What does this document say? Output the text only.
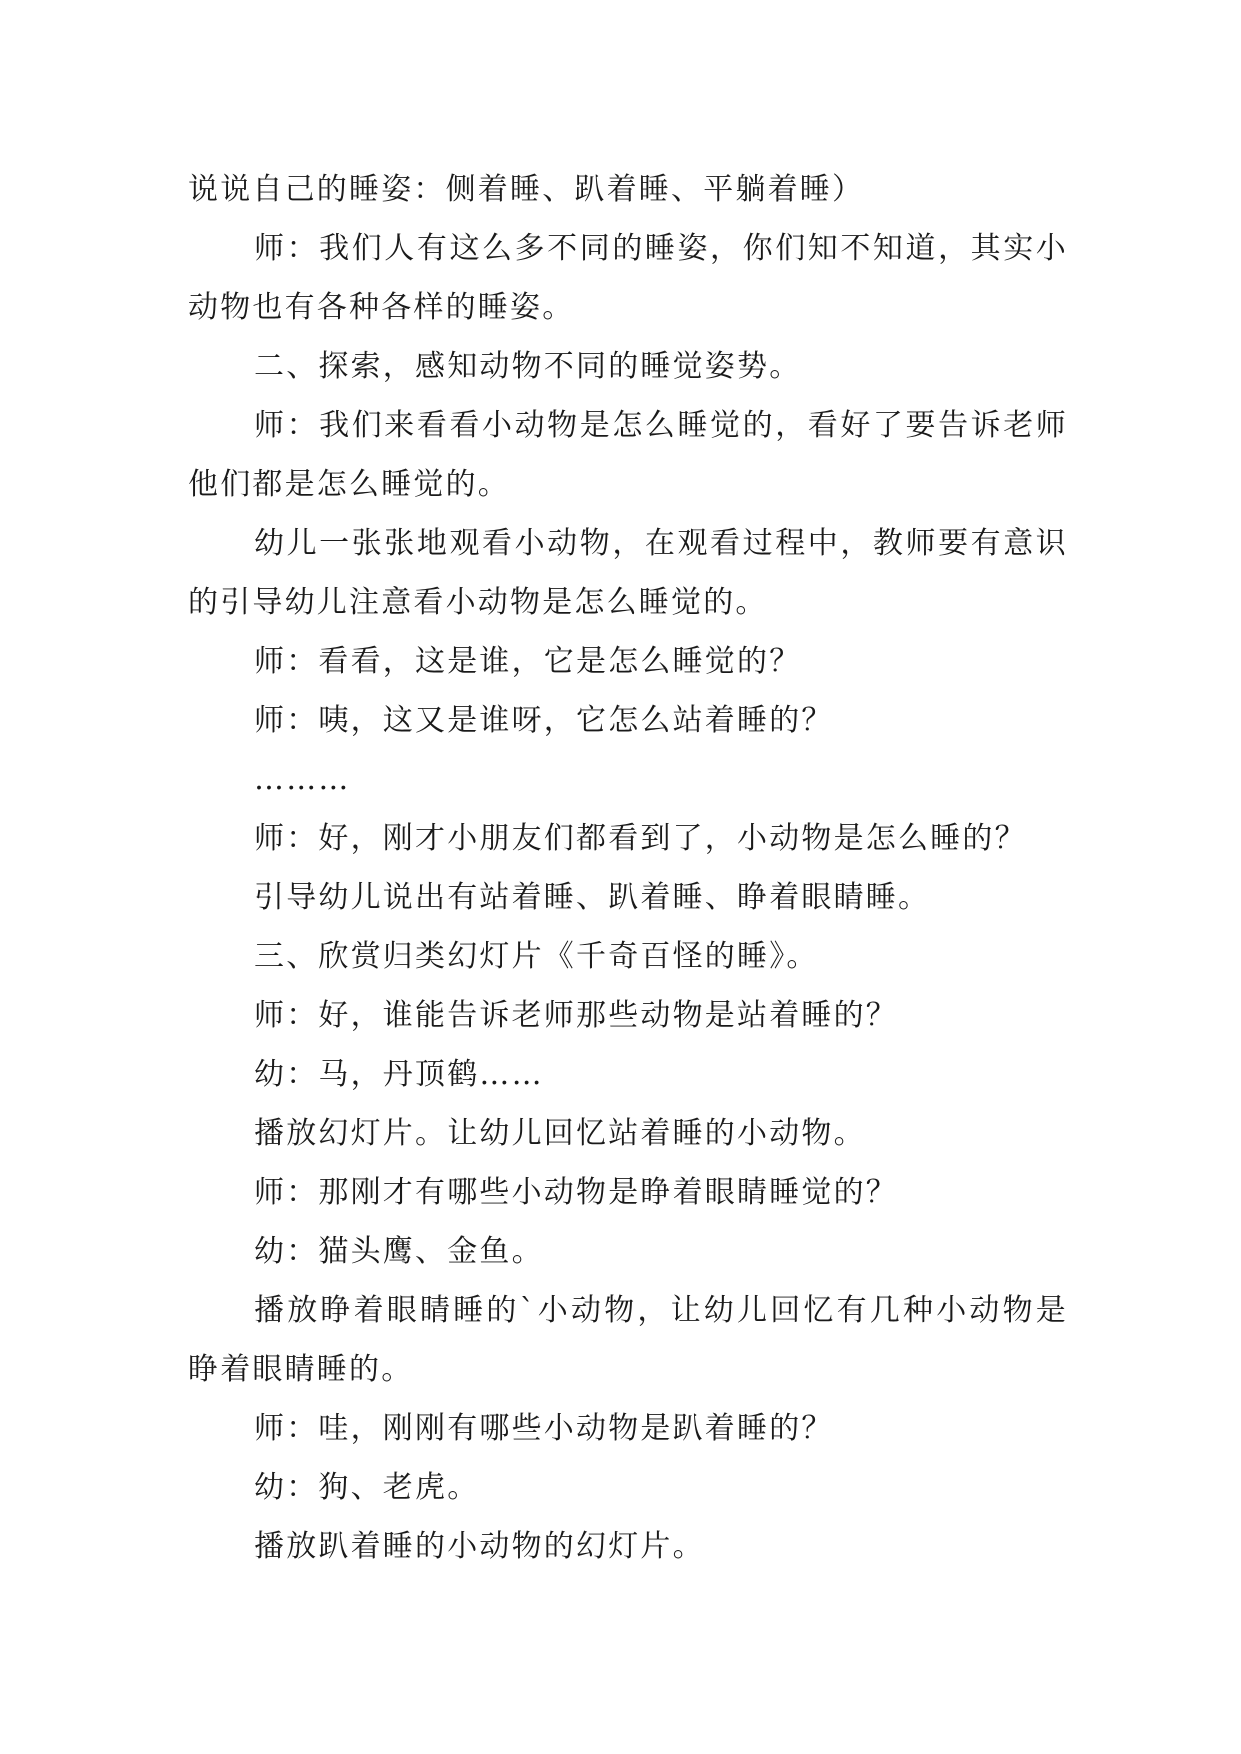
说说自己的睡姿：侧着睡、趴着睡、平躺着睡）

师：我们人有这么多不同的睡姿，你们知不知道，其实小动物也有各种各样的睡姿。

二、探索，感知动物不同的睡觉姿势。

师：我们来看看小动物是怎么睡觉的，看好了要告诉老师他们都是怎么睡觉的。

幼儿一张张地观看小动物，在观看过程中，教师要有意识的引导幼儿注意看小动物是怎么睡觉的。

师：看看，这是谁，它是怎么睡觉的？

师：咦，这又是谁呀，它怎么站着睡的？

………

师：好，刚才小朋友们都看到了，小动物是怎么睡的？

引导幼儿说出有站着睡、趴着睡、睁着眼睛睡。

三、欣赏归类幻灯片《千奇百怪的睡》。

师：好，谁能告诉老师那些动物是站着睡的？

幼：马，丹顶鹤……

播放幻灯片。让幼儿回忆站着睡的小动物。

师：那刚才有哪些小动物是睁着眼睛睡觉的？

幼：猫头鹰、金鱼。

播放睁着眼睛睡的`小动物，让幼儿回忆有几种小动物是睁着眼睛睡的。

师：哇，刚刚有哪些小动物是趴着睡的？

幼：狗、老虎。

播放趴着睡的小动物的幻灯片。
